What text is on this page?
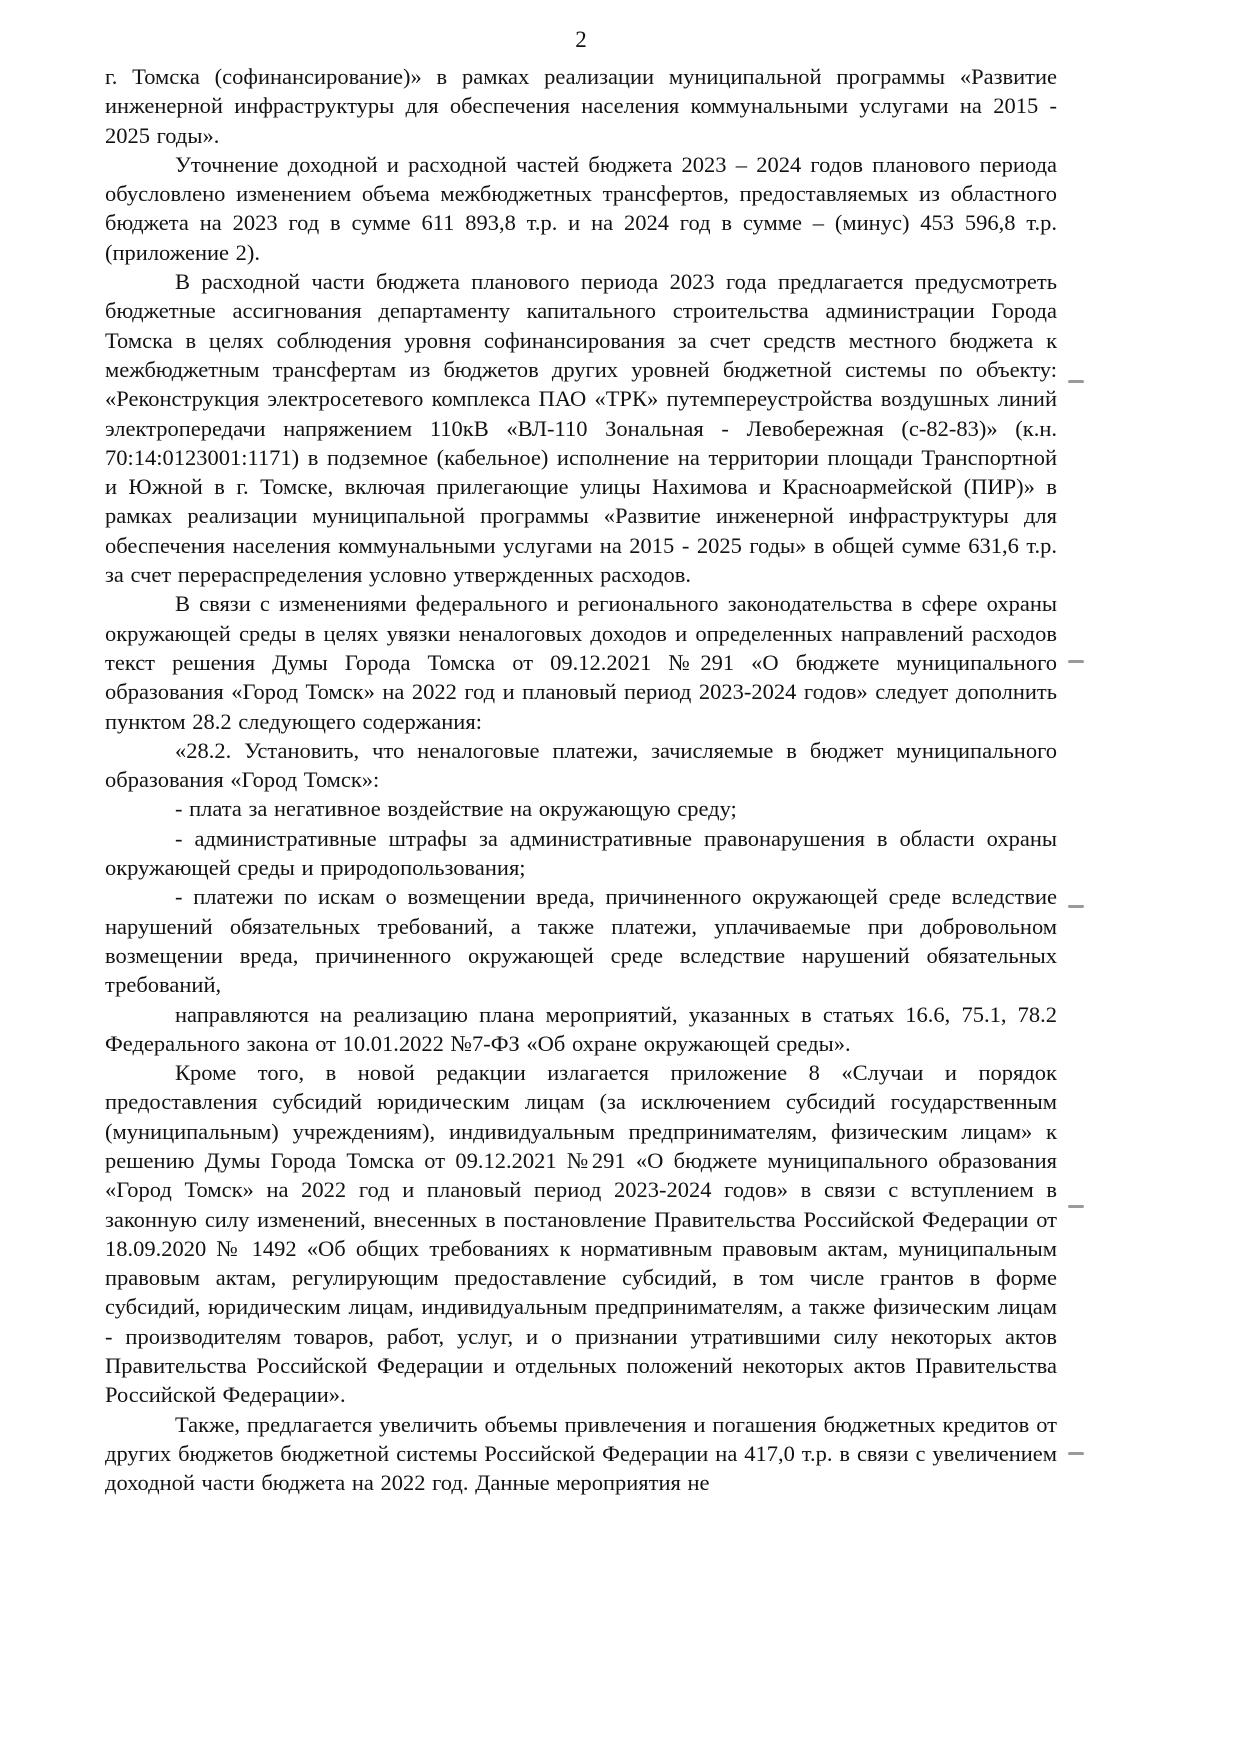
2

г. Томска (софинансирование)» в рамках реализации муниципальной программы «Развитие инженерной инфраструктуры для обеспечения населения коммунальными услугами на 2015 - 2025 годы».

Уточнение доходной и расходной частей бюджета 2023 – 2024 годов планового периода обусловлено изменением объема межбюджетных трансфертов, предоставляемых из областного бюджета на 2023 год в сумме 611 893,8 т.р. и на 2024 год в сумме – (минус) 453 596,8 т.р. (приложение 2).

В расходной части бюджета планового периода 2023 года предлагается предусмотреть бюджетные ассигнования департаменту капитального строительства администрации Города Томска в целях соблюдения уровня софинансирования за счет средств местного бюджета к межбюджетным трансфертам из бюджетов других уровней бюджетной системы по объекту: «Реконструкция электросетевого комплекса ПАО «ТРК» путемпереустройства воздушных линий электропередачи напряжением 110кВ «ВЛ-110 Зональная - Левобережная (с-82-83)» (к.н. 70:14:0123001:1171) в подземное (кабельное) исполнение на территории площади Транспортной и Южной в г. Томске, включая прилегающие улицы Нахимова и Красноармейской (ПИР)» в рамках реализации муниципальной программы «Развитие инженерной инфраструктуры для обеспечения населения коммунальными услугами на 2015 - 2025 годы» в общей сумме 631,6 т.р. за счет перераспределения условно утвержденных расходов.

В связи с изменениями федерального и регионального законодательства в сфере охраны окружающей среды в целях увязки неналоговых доходов и определенных направлений расходов текст решения Думы Города Томска от 09.12.2021 №291 «О бюджете муниципального образования «Город Томск» на 2022 год и плановый период 2023-2024 годов» следует дополнить пунктом 28.2 следующего содержания:

«28.2. Установить, что неналоговые платежи, зачисляемые в бюджет муниципального образования «Город Томск»:

- плата за негативное воздействие на окружающую среду;

- административные штрафы за административные правонарушения в области охраны окружающей среды и природопользования;

- платежи по искам о возмещении вреда, причиненного окружающей среде вследствие нарушений обязательных требований, а также платежи, уплачиваемые при добровольном возмещении вреда, причиненного окружающей среде вследствие нарушений обязательных требований,

направляются на реализацию плана мероприятий, указанных в статьях 16.6, 75.1, 78.2 Федерального закона от 10.01.2022 №7-ФЗ «Об охране окружающей среды».

Кроме того, в новой редакции излагается приложение 8 «Случаи и порядок предоставления субсидий юридическим лицам (за исключением субсидий государственным (муниципальным) учреждениям), индивидуальным предпринимателям, физическим лицам» к решению Думы Города Томска от 09.12.2021 №291 «О бюджете муниципального образования «Город Томск» на 2022 год и плановый период 2023-2024 годов» в связи с вступлением в законную силу изменений, внесенных в постановление Правительства Российской Федерации от 18.09.2020 № 1492 «Об общих требованиях к нормативным правовым актам, муниципальным правовым актам, регулирующим предоставление субсидий, в том числе грантов в форме субсидий, юридическим лицам, индивидуальным предпринимателям, а также физическим лицам - производителям товаров, работ, услуг, и о признании утратившими силу некоторых актов Правительства Российской Федерации и отдельных положений некоторых актов Правительства Российской Федерации».

Также, предлагается увеличить объемы привлечения и погашения бюджетных кредитов от других бюджетов бюджетной системы Российской Федерации на 417,0 т.р. в связи с увеличением доходной части бюджета на 2022 год. Данные мероприятия не
